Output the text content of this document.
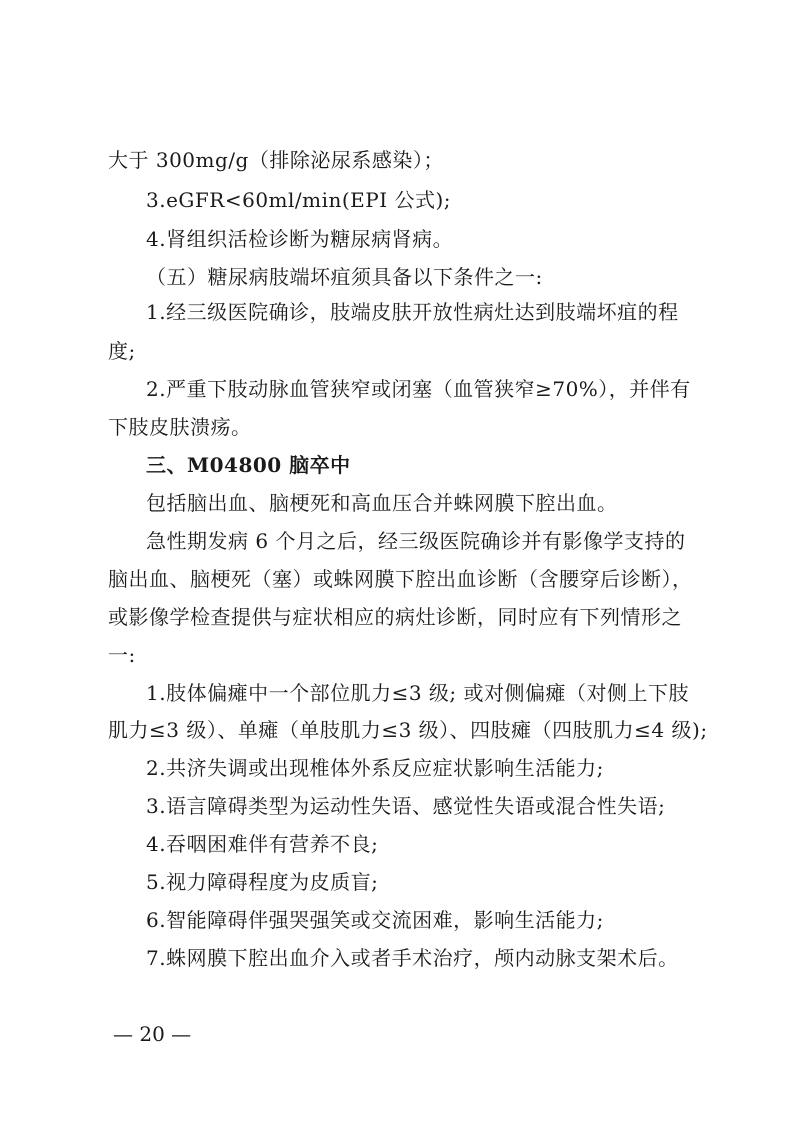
大于 300mg/g（排除泌尿系感染）；
3.eGFR<60ml/min(EPI 公式);
4.肾组织活检诊断为糖尿病肾病。
（五）糖尿病肢端坏疽须具备以下条件之一:
1.经三级医院确诊，肢端皮肤开放性病灶达到肢端坏疽的程
度;
2.严重下肢动脉血管狭窄或闭塞（血管狭窄≥70%），并伴有
下肢皮肤溃疡。
三、M04800 脑卒中
包括脑出血、脑梗死和高血压合并蛛网膜下腔出血。
急性期发病 6 个月之后，经三级医院确诊并有影像学支持的
脑出血、脑梗死（塞）或蛛网膜下腔出血诊断（含腰穿后诊断），
或影像学检查提供与症状相应的病灶诊断，同时应有下列情形之
一:
1.肢体偏瘫中一个部位肌力≤3 级; 或对侧偏瘫（对侧上下肢
肌力≤3 级）、单瘫（单肢肌力≤3 级）、四肢瘫（四肢肌力≤4 级);
2.共济失调或出现椎体外系反应症状影响生活能力;
3.语言障碍类型为运动性失语、感觉性失语或混合性失语;
4.吞咽困难伴有营养不良;
5.视力障碍程度为皮质盲;
6.智能障碍伴强哭强笑或交流困难，影响生活能力;
7.蛛网膜下腔出血介入或者手术治疗，颅内动脉支架术后。
— 20 —
